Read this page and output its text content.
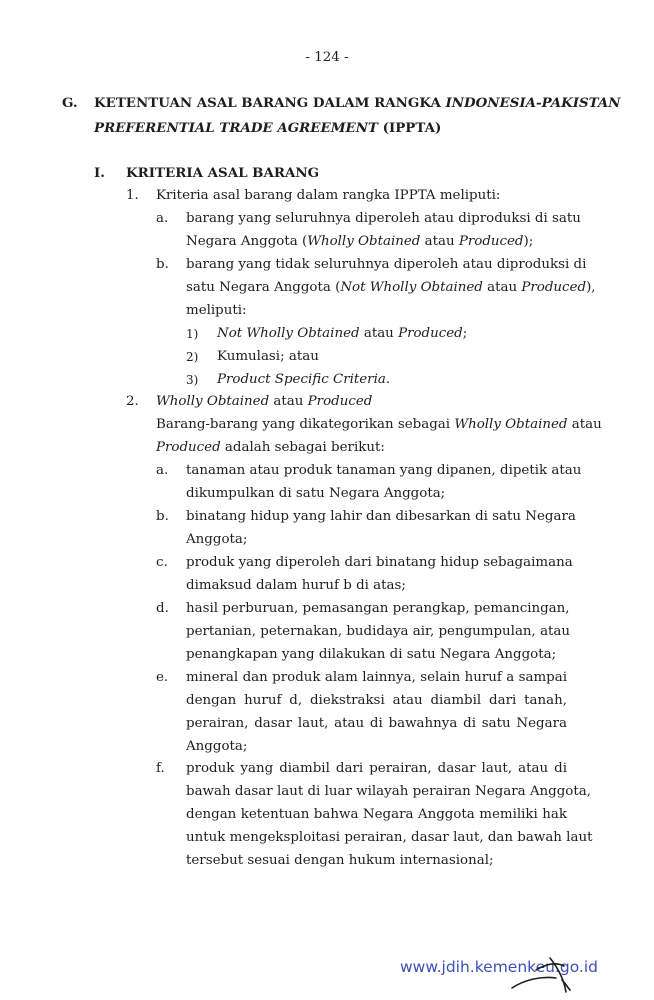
- 124 -
G. KETENTUAN ASAL BARANG DALAM RANGKA INDONESIA-PAKISTAN
PREFERENTIAL TRADE AGREEMENT (IPPTA)
I. KRITERIA ASAL BARANG
1. Kriteria asal barang dalam rangka IPPTA meliputi:
a. barang yang seluruhnya diperoleh atau diproduksi di satu
Negara Anggota (Wholly Obtained atau Produced);
b. barang yang tidak seluruhnya diperoleh atau diproduksi di
satu Negara Anggota (Not Wholly Obtained atau Produced),
meliputi:
1) Not Wholly Obtained atau Produced;
2) Kumulasi; atau
3) Product Specific Criteria.
2. Wholly Obtained atau Produced
Barang-barang yang dikategorikan sebagai Wholly Obtained atau
Produced adalah sebagai berikut:
a. tanaman atau produk tanaman yang dipanen, dipetik atau
dikumpulkan di satu Negara Anggota;
b. binatang hidup yang lahir dan dibesarkan di satu Negara
Anggota;
c. produk yang diperoleh dari binatang hidup sebagaimana
dimaksud dalam huruf b di atas;
d. hasil perburuan, pemasangan perangkap, pemancingan,
pertanian, peternakan, budidaya air, pengumpulan, atau
penangkapan yang dilakukan di satu Negara Anggota;
e. mineral dan produk alam lainnya, selain huruf a sampai
dengan huruf d, diekstraksi atau diambil dari tanah,
perairan, dasar laut, atau di bawahnya di satu Negara
Anggota;
f. produk yang diambil dari perairan, dasar laut, atau di
bawah dasar laut di luar wilayah perairan Negara Anggota,
dengan ketentuan bahwa Negara Anggota memiliki hak
untuk mengeksploitasi perairan, dasar laut, dan bawah laut
tersebut sesuai dengan hukum internasional;
www.jdih.kemenkeu.go.id
